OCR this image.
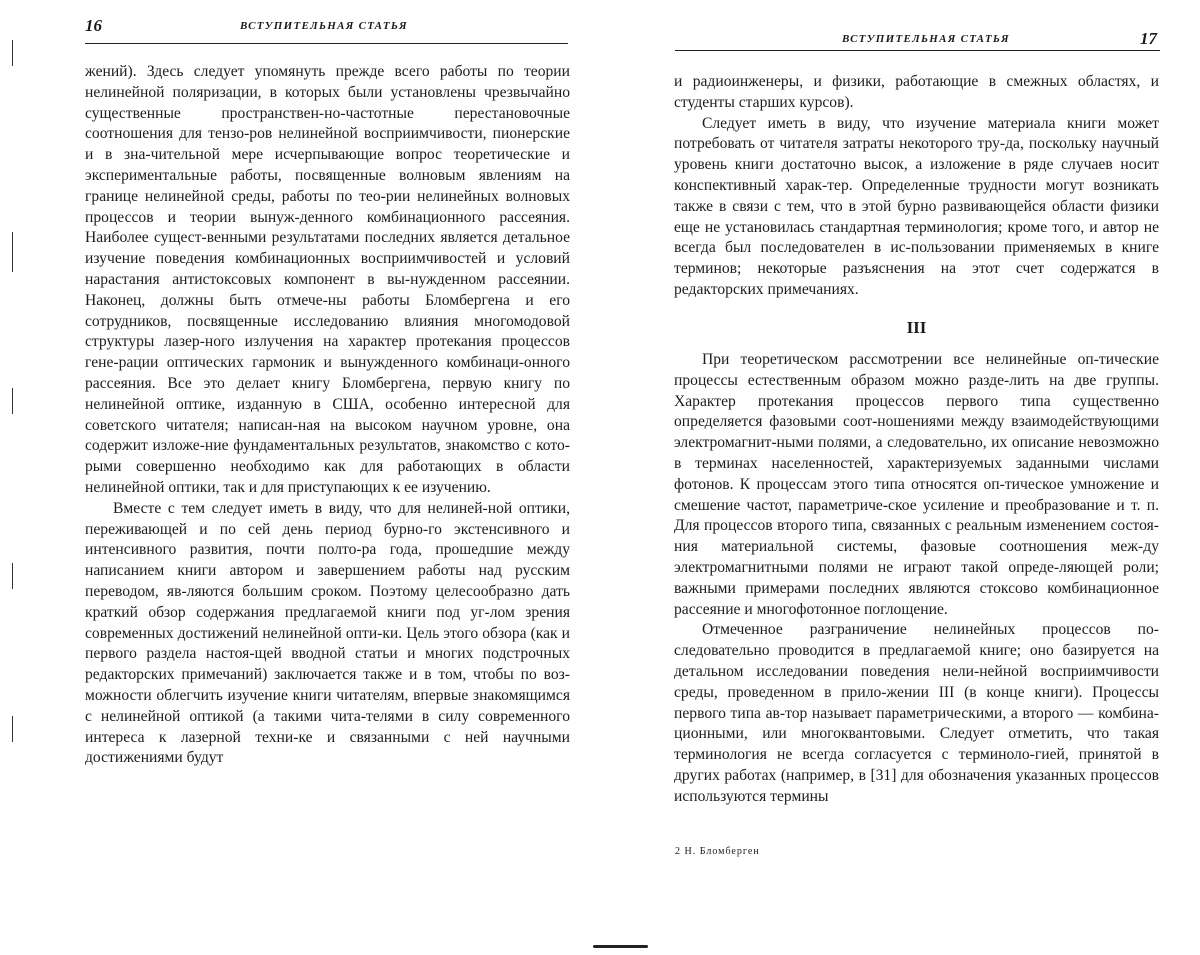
16	ВСТУПИТЕЛЬНАЯ СТАТЬЯ

жений). Здесь следует упомянуть прежде всего работы по теории нелинейной поляризации, в которых были установлены чрезвычайно существенные пространствен-но-частотные перестановочные соотношения для тензо-ров нелинейной восприимчивости, пионерские и в зна-чительной мере исчерпывающие вопрос теоретические и экспериментальные работы, посвященные волновым явлениям на границе нелинейной среды, работы по тео-рии нелинейных волновых процессов и теории вынуж-денного комбинационного рассеяния. Наиболее сущест-венными результатами последних является детальное изучение поведения комбинационных восприимчивостей и условий нарастания антистоксовых компонент в вы-нужденном рассеянии. Наконец, должны быть отмече-ны работы Бломбергена и его сотрудников, посвященные исследованию влияния многомодовой структуры лазер-ного излучения на характер протекания процессов гене-рации оптических гармоник и вынужденного комбинаци-онного рассеяния. Все это делает книгу Бломбергена, первую книгу по нелинейной оптике, изданную в США, особенно интересной для советского читателя; написан-ная на высоком научном уровне, она содержит изложе-ние фундаментальных результатов, знакомство с кото-рыми совершенно необходимо как для работающих в области нелинейной оптики, так и для приступающих к ее изучению.

Вместе с тем следует иметь в виду, что для нелиней-ной оптики, переживающей и по сей день период бурно-го экстенсивного и интенсивного развития, почти полто-ра года, прошедшие между написанием книги автором и завершением работы над русским переводом, яв-ляются большим сроком. Поэтому целесообразно дать краткий обзор содержания предлагаемой книги под уг-лом зрения современных достижений нелинейной опти-ки. Цель этого обзора (как и первого раздела настоя-щей вводной статьи и многих подстрочных редакторских примечаний) заключается также и в том, чтобы по воз-можности облегчить изучение книги читателям, впервые знакомящимся с нелинейной оптикой (а такими чита-телями в силу современного интереса к лазерной техни-ке и связанными с ней научными достижениями будут

ВСТУПИТЕЛЬНАЯ СТАТЬЯ	17

и радиоинженеры, и физики, работающие в смежных областях, и студенты старших курсов).

Следует иметь в виду, что изучение материала книги может потребовать от читателя затраты некоторого тру-да, поскольку научный уровень книги достаточно высок, а изложение в ряде случаев носит конспективный харак-тер. Определенные трудности могут возникать также в связи с тем, что в этой бурно развивающейся области физики еще не установилась стандартная терминология; кроме того, и автор не всегда был последователен в ис-пользовании применяемых в книге терминов; некоторые разъяснения на этот счет содержатся в редакторских примечаниях.

III

При теоретическом рассмотрении все нелинейные оп-тические процессы естественным образом можно разде-лить на две группы. Характер протекания процессов первого типа существенно определяется фазовыми соот-ношениями между взаимодействующими электромагнит-ными полями, а следовательно, их описание невозможно в терминах населенностей, характеризуемых заданными числами фотонов. К процессам этого типа относятся оп-тическое умножение и смешение частот, параметриче-ское усиление и преобразование и т. п. Для процессов второго типа, связанных с реальным изменением состоя-ния материальной системы, фазовые соотношения меж-ду электромагнитными полями не играют такой опреде-ляющей роли; важными примерами последних являются стоксово комбинационное рассеяние и многофотонное поглощение.

Отмеченное разграничение нелинейных процессов по-следовательно проводится в предлагаемой книге; оно базируется на детальном исследовании поведения нели-нейной восприимчивости среды, проведенном в прило-жении III (в конце книги). Процессы первого типа ав-тор называет параметрическими, а второго — комбина-ционными, или многоквантовыми. Следует отметить, что такая терминология не всегда согласуется с терминоло-гией, принятой в других работах (например, в [31] для обозначения указанных процессов используются термины

2 Н. Бломберген
